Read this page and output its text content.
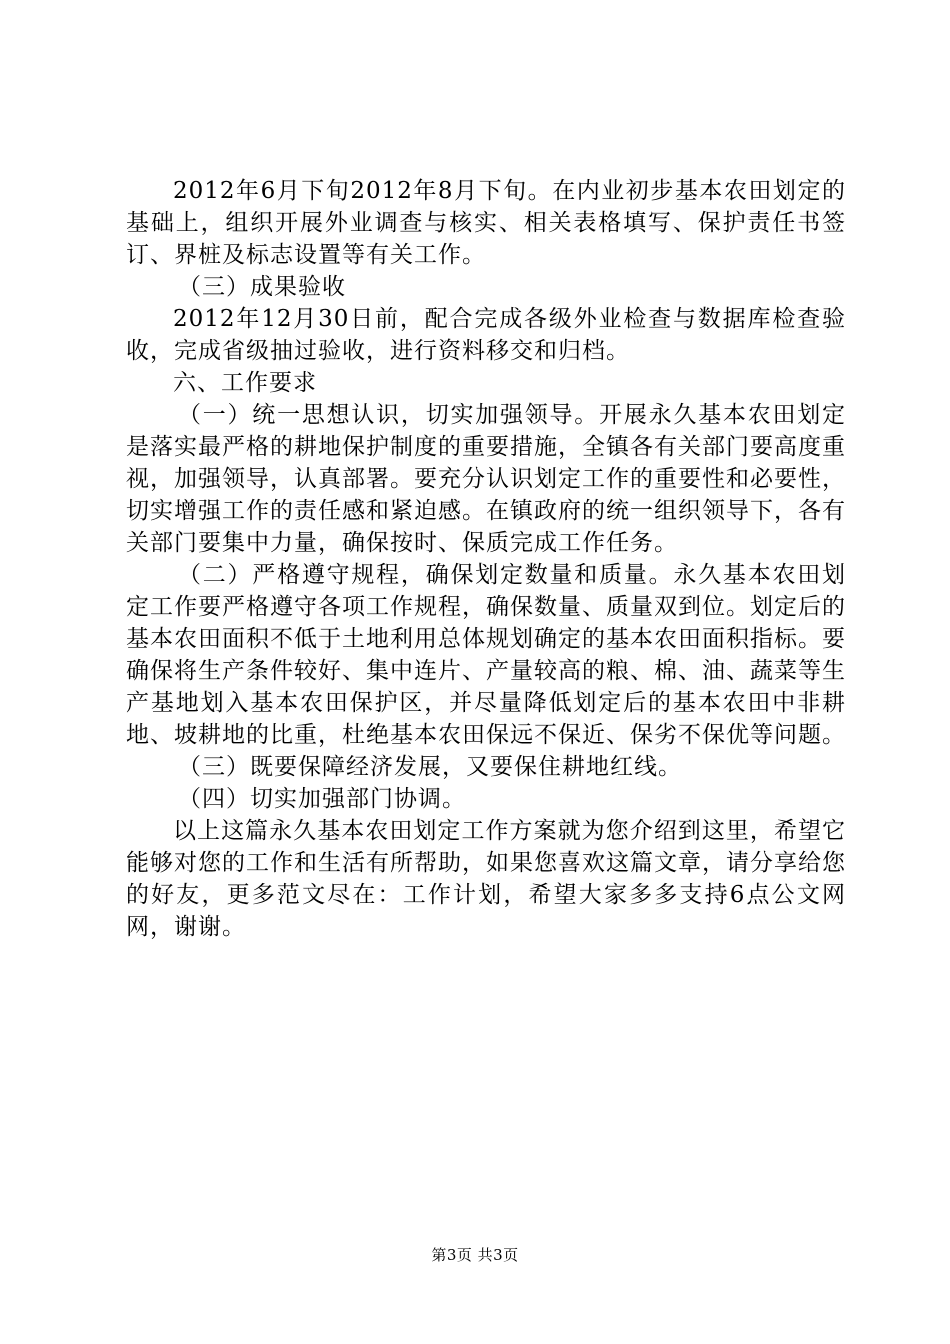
2012年6月下旬2012年8月下旬。在内业初步基本农田划定的基础上，组织开展外业调查与核实、相关表格填写、保护责任书签订、界桩及标志设置等有关工作。

（三）成果验收

2012年12月30日前，配合完成各级外业检查与数据库检查验收，完成省级抽过验收，进行资料移交和归档。

六、工作要求

（一）统一思想认识，切实加强领导。开展永久基本农田划定是落实最严格的耕地保护制度的重要措施，全镇各有关部门要高度重视，加强领导，认真部署。要充分认识划定工作的重要性和必要性，切实增强工作的责任感和紧迫感。在镇政府的统一组织领导下，各有关部门要集中力量，确保按时、保质完成工作任务。

（二）严格遵守规程，确保划定数量和质量。永久基本农田划定工作要严格遵守各项工作规程，确保数量、质量双到位。划定后的基本农田面积不低于土地利用总体规划确定的基本农田面积指标。要确保将生产条件较好、集中连片、产量较高的粮、棉、油、蔬菜等生产基地划入基本农田保护区，并尽量降低划定后的基本农田中非耕地、坡耕地的比重，杜绝基本农田保远不保近、保劣不保优等问题。

（三）既要保障经济发展，又要保住耕地红线。

（四）切实加强部门协调。

以上这篇永久基本农田划定工作方案就为您介绍到这里，希望它能够对您的工作和生活有所帮助，如果您喜欢这篇文章，请分享给您的好友，更多范文尽在：工作计划，希望大家多多支持6点公文网网，谢谢。

第3页 共3页
